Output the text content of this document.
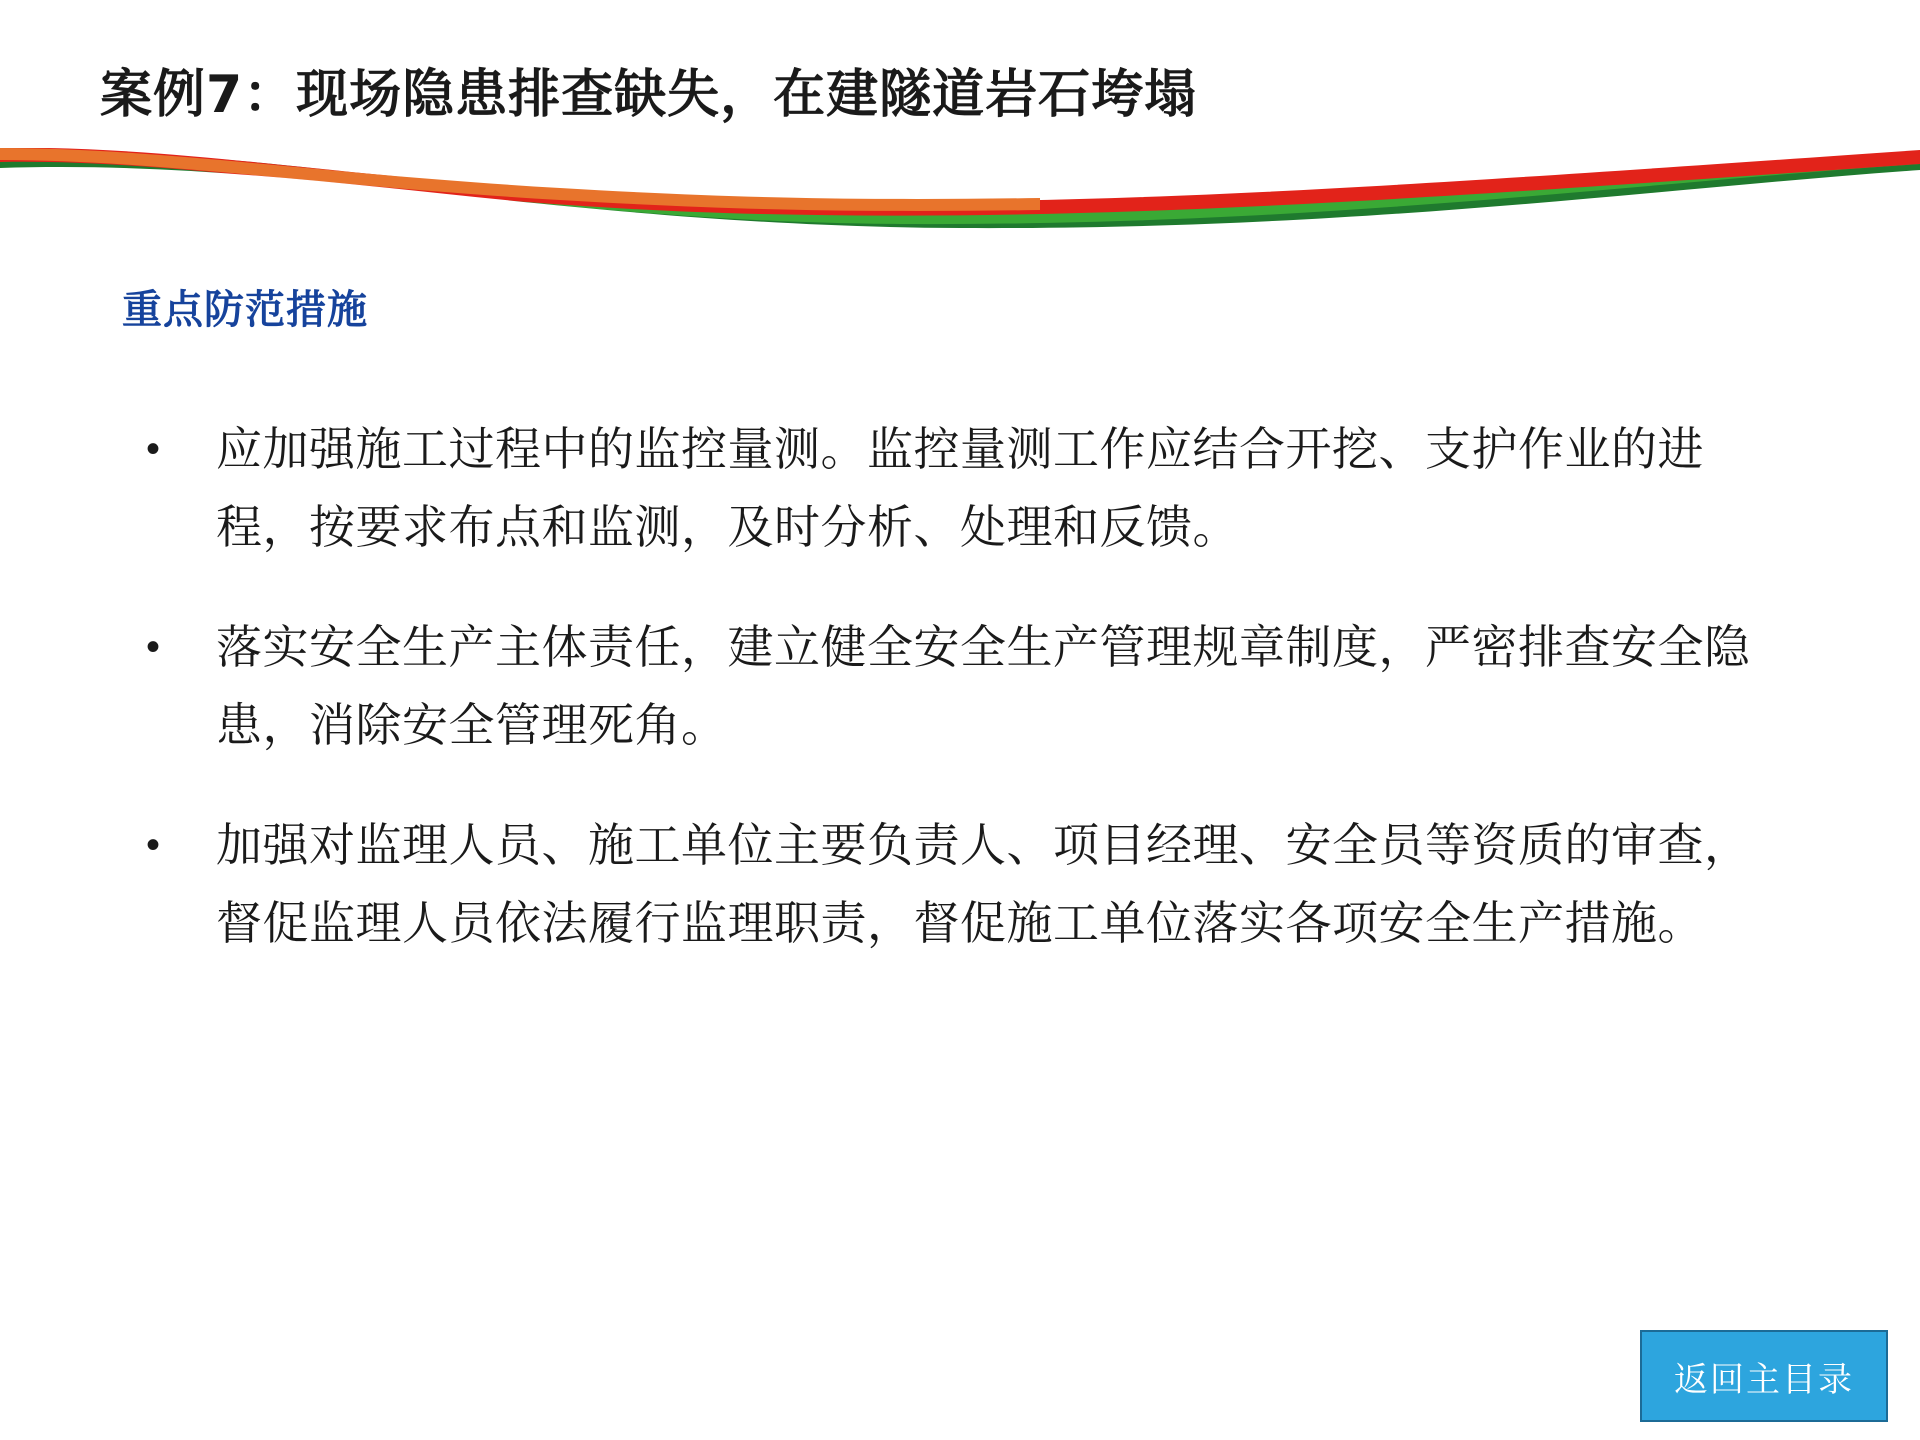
案例7：现场隐患排查缺失，在建隧道岩石垮塌
重点防范措施
•	应加强施工过程中的监控量测。监控量测工作应结合开挖、支护作业的进程，按要求布点和监测，及时分析、处理和反馈。
•	落实安全生产主体责任，建立健全安全生产管理规章制度，严密排查安全隐患，消除安全管理死角。
•	加强对监理人员、施工单位主要负责人、项目经理、安全员等资质的审查，督促监理人员依法履行监理职责，督促施工单位落实各项安全生产措施。
返回主目录
